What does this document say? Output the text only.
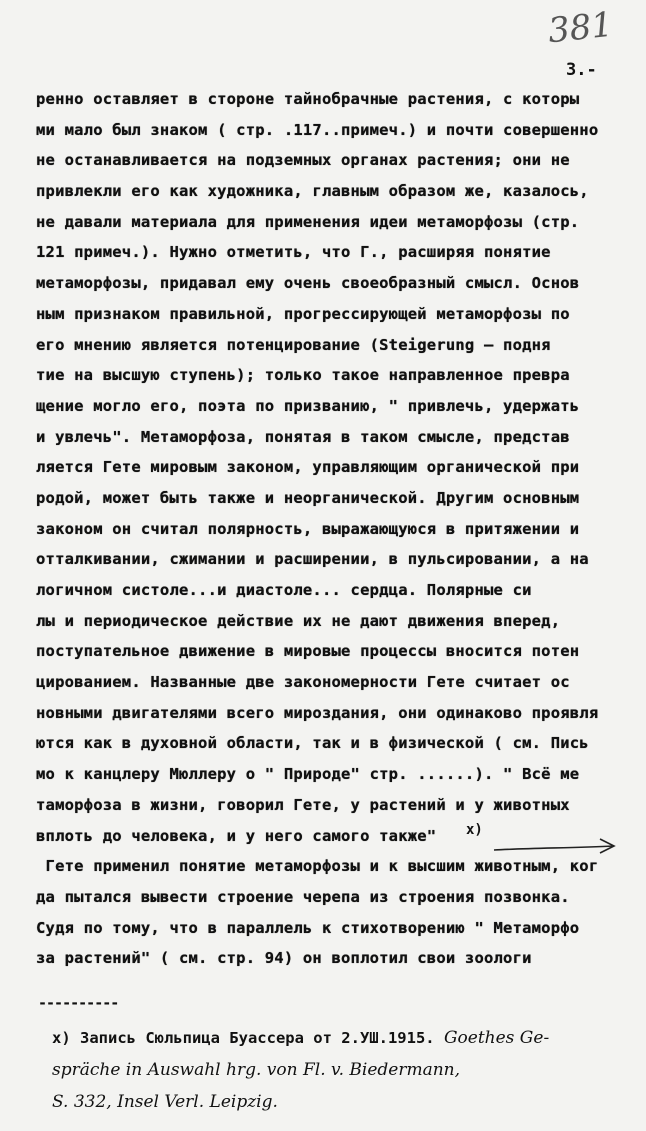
381
3.-
ренно оставляет в стороне тайнобрачные растения, с которы
ми мало был знаком ( стр. .117..примеч.) и почти совершенно
не останавливается на подземных органах растения; они не
привлекли его как художника, главным образом же, казалось,
не давали материала для применения идеи метаморфозы (стр.
121 примеч.). Нужно отметить, что Г., расширяя понятие
метаморфозы, придавал ему очень своеобразный смысл. Основ
ным признаком правильной, прогрессирующей метаморфозы по
его мнению является потенцирование (Steigerung — подня
тие на высшую ступень); только такое направленное превра
щение могло его, поэта по призванию, " привлечь, удержать
и увлечь". Метаморфоза, понятая в таком смысле, представ
ляется Гете мировым законом, управляющим органической при
родой, может быть также и неорганической. Другим основным
законом он считал полярность, выражающуюся в притяжении и
отталкивании, сжимании и расширении, в пульсировании, а на
логичном систоле...и диастоле... сердца. Полярные си
лы и периодическое действие их не дают движения вперед,
поступательное движение в мировые процессы вносится потен
цированием. Названные две закономерности Гете считает ос
новными двигателями всего мироздания, они одинаково проявля
ются как в духовной области, так и в физической ( см. Пись
мо к канцлеру Мюллеру о " Природе" стр. ......). " Всё ме
таморфоза в жизни, говорил Гете, у растений и у животных
вплоть до человека, и у него самого также"
Гете применил понятие метаморфозы и к высшим животным, ког
да пытался вывести строение черепа из строения позвонка.
Судя по тому, что в параллель к стихотворению " Метаморфо
за растений" ( см. стр. 94) он воплотил свои зоологи
x)
----------
х) Запись Сюльпица Буассера от 2.УШ.1915. Goethes Ge-
spräche in Auswahl hrg. von Fl. v. Biedermann,
S. 332, Insel Verl. Leipzig.
